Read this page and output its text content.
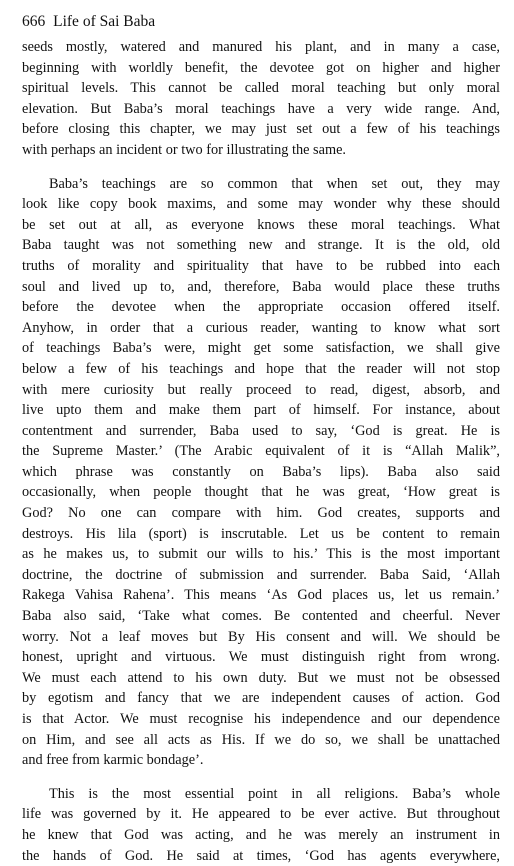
666 Life of Sai Baba
seeds mostly, watered and manured his plant, and in many a case,
beginning with worldly benefit, the devotee got on higher and higher
spiritual levels. This cannot be called moral teaching but only moral
elevation. But Baba’s moral teachings have a very wide range. And,
before closing this chapter, we may just set out a few of his teachings
with perhaps an incident or two for illustrating the same.
Baba’s teachings are so common that when set out, they may
look like copy book maxims, and some may wonder why these should
be set out at all, as everyone knows these moral teachings. What
Baba taught was not something new and strange. It is the old, old
truths of morality and spirituality that have to be rubbed into each
soul and lived up to, and, therefore, Baba would place these truths
before the devotee when the appropriate occasion offered itself.
Anyhow, in order that a curious reader, wanting to know what sort
of teachings Baba’s were, might get some satisfaction, we shall give
below a few of his teachings and hope that the reader will not stop
with mere curiosity but really proceed to read, digest, absorb, and
live upto them and make them part of himself. For instance, about
contentment and surrender, Baba used to say, ‘God is great. He is
the Supreme Master.’ (The Arabic equivalent of it is “Allah Malik”,
which phrase was constantly on Baba’s lips). Baba also said
occasionally, when people thought that he was great, ‘How great is
God? No one can compare with him. God creates, supports and
destroys. His lila (sport) is inscrutable. Let us be content to remain
as he makes us, to submit our wills to his.’ This is the most important
doctrine, the doctrine of submission and surrender. Baba Said, ‘Allah
Rakega Vahisa Rahena’. This means ‘As God places us, let us remain.’
Baba also said, ‘Take what comes. Be contented and cheerful. Never
worry. Not a leaf moves but By His consent and will. We should be
honest, upright and virtuous. We must distinguish right from wrong.
We must each attend to his own duty. But we must not be obsessed
by egotism and fancy that we are independent causes of action. God
is that Actor. We must recognise his independence and our dependence
on Him, and see all acts as His. If we do so, we shall be unattached
and free from karmic bondage’.
This is the most essential point in all religions. Baba’s whole
life was governed by it. He appeared to be ever active. But throughout
he knew that God was acting, and he was merely an instrument in
the hands of God. He said at times, ‘God has agents everywhere,
